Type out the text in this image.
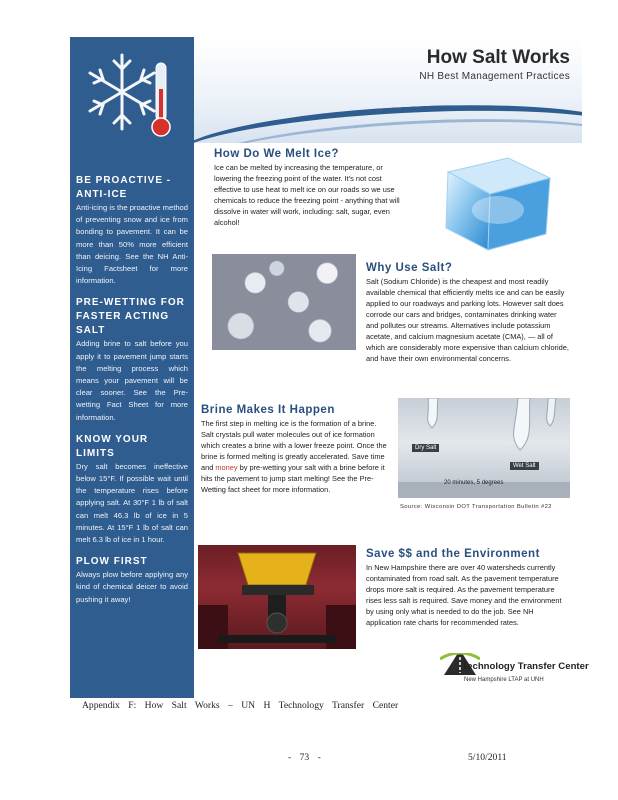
BE PROACTIVE - ANTI-ICE
Anti-icing is the proactive method of preventing snow and ice from bonding to pavement. It can be more than 50% more efficient than deicing. See the NH Anti-Icing Factsheet for more information.
PRE-WETTING FOR FASTER ACTING SALT
Adding brine to salt before you apply it to pavement jump starts the melting process which means your pavement will be clear sooner. See the Pre-wetting Fact Sheet for more information.
KNOW YOUR LIMITS
Dry salt becomes ineffective below 15°F. If possible wait until the temperature rises before applying salt. At 30°F 1 lb of salt can melt 46.3 lb of ice in 5 minutes. At 15°F 1 lb of salt can melt 6.3 lb of ice in 1 hour.
PLOW FIRST
Always plow before applying any kind of chemical deicer to avoid pushing it away!
How Salt Works
NH Best Management Practices
How Do We Melt Ice?
Ice can be melted by increasing the temperature, or lowering the freezing point of the water. It's not cost effective to use heat to melt ice on our roads so we use chemicals to reduce the freezing point - anything that will dissolve in water will work, including: salt, sugar, even alcohol!
Why Use Salt?
Salt (Sodium Chloride) is the cheapest and most readily available chemical that efficiently melts ice and can be easily applied to our roadways and parking lots. However salt does corrode our cars and bridges, contaminates drinking water and pollutes our streams. Alternatives include potassium acetate, and calcium magnesium acetate (CMA), — all of which are considerably more expensive than calcium chloride, and have their own environmental concerns.
Brine Makes It Happen
The first step in melting ice is the formation of a brine. Salt crystals pull water molecules out of ice formation which creates a brine with a lower freeze point. Once the brine is formed melting is greatly accelerated. Save time and money by pre-wetting your salt with a brine before it hits the pavement to jump start melting! See the Pre-Wetting fact sheet for more information.
Dry Salt
Wet Salt
20 minutes, 5 degrees
Source: Wisconsin DOT Transportation Bulletin #22
Save $$ and the Environment
In New Hampshire there are over 40 watersheds currently contaminated from road salt. As the pavement temperature drops more salt is required. As the pavement temperature rises less salt is required. Save money and the environment by using only what is needed to do the job. See NH application rate charts for recommended rates.
Technology Transfer Center
New Hampshire LTAP at UNH
Appendix F: How Salt Works – UN H Technology Transfer Center
- 73 -	5/10/2011
